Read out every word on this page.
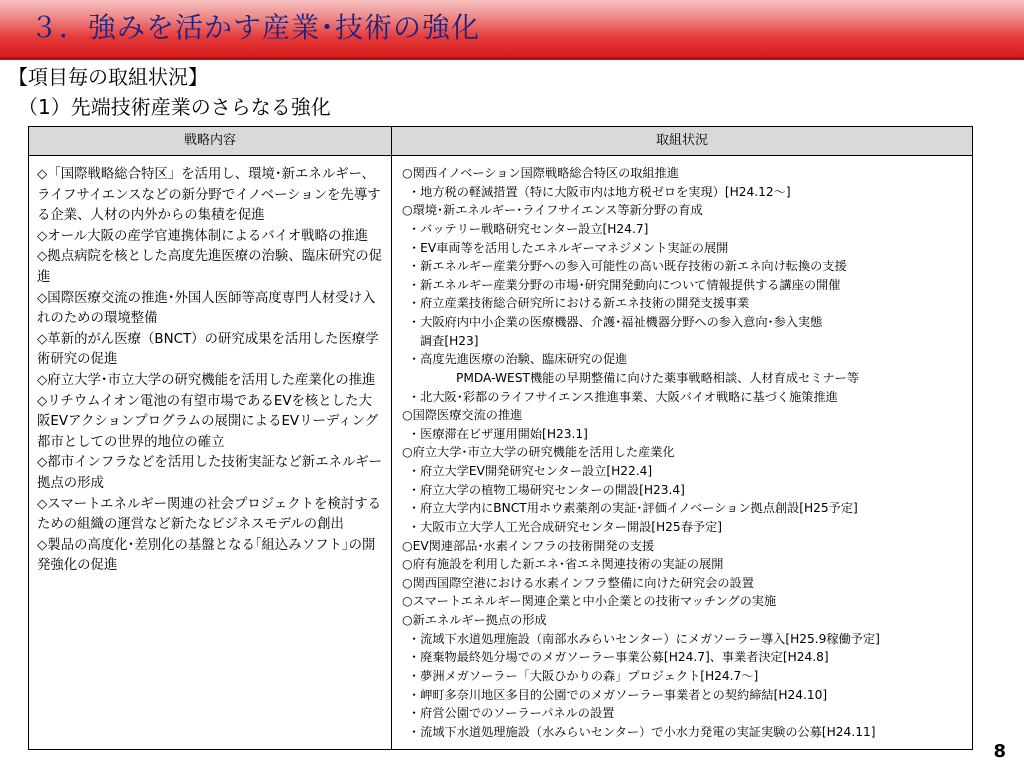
３．強みを活かす産業･技術の強化
【項目毎の取組状況】
（1）先端技術産業のさらなる強化
戦略内容	取組状況

◇「国際戦略総合特区」を活用し、環境･新エネルギー、ライフサイエンスなどの新分野でイノベーションを先導する企業、人材の内外からの集積を促進

◇オール大阪の産学官連携体制によるバイオ戦略の推進

◇拠点病院を核とした高度先進医療の治験、臨床研究の促進

◇国際医療交流の推進･外国人医師等高度専門人材受け入れのための環境整備

◇革新的がん医療（BNCT）の研究成果を活用した医療学術研究の促進

◇府立大学･市立大学の研究機能を活用した産業化の推進

◇リチウムイオン電池の有望市場であるEVを核とした大阪EVアクションプログラムの展開によるEVリーディング都市としての世界的地位の確立

◇都市インフラなどを活用した技術実証など新エネルギー拠点の形成

◇スマートエネルギー関連の社会プロジェクトを検討するための組織の運営など新たなビジネスモデルの創出

◇製品の高度化･差別化の基盤となる｢組込みソフト｣の開発強化の促進

○関西イノベーション国際戦略総合特区の取組推進
・地方税の軽減措置（特に大阪市内は地方税ゼロを実現）[H24.12～]
○環境･新エネルギー･ライフサイエンス等新分野の育成
・バッテリー戦略研究センター設立[H24.7]
・EV車両等を活用したエネルギーマネジメント実証の展開
・新エネルギー産業分野への参入可能性の高い既存技術の新エネ向け転換の支援
・新エネルギー産業分野の市場･研究開発動向について情報提供する講座の開催
・府立産業技術総合研究所における新エネ技術の開発支援事業
・大阪府内中小企業の医療機器、介護･福祉機器分野への参入意向･参入実態
調査[H23]
・高度先進医療の治験、臨床研究の促進
PMDA-WEST機能の早期整備に向けた薬事戦略相談、人材育成セミナー等
・北大阪･彩都のライフサイエンス推進事業、大阪バイオ戦略に基づく施策推進
○国際医療交流の推進
・医療滞在ビザ運用開始[H23.1]
○府立大学･市立大学の研究機能を活用した産業化
・府立大学EV開発研究センター設立[H22.4]
・府立大学の植物工場研究センターの開設[H23.4]
・府立大学内にBNCT用ホウ素薬剤の実証･評価イノベーション拠点創設[H25予定]
・大阪市立大学人工光合成研究センター開設[H25春予定]
○EV関連部品･水素インフラの技術開発の支援
○府有施設を利用した新エネ･省エネ関連技術の実証の展開
○関西国際空港における水素インフラ整備に向けた研究会の設置
○スマートエネルギー関連企業と中小企業との技術マッチングの実施
○新エネルギー拠点の形成
・流域下水道処理施設（南部水みらいセンター）にメガソーラー導入[H25.9稼働予定]
・廃棄物最終処分場でのメガソーラー事業公募[H24.7]、事業者決定[H24.8]
・夢洲メガソーラー「大阪ひかりの森」プロジェクト[H24.7～]
・岬町多奈川地区多目的公園でのメガソーラー事業者との契約締結[H24.10]
・府営公園でのソーラーパネルの設置
・流域下水道処理施設（水みらいセンター）で小水力発電の実証実験の公募[H24.11]
8
